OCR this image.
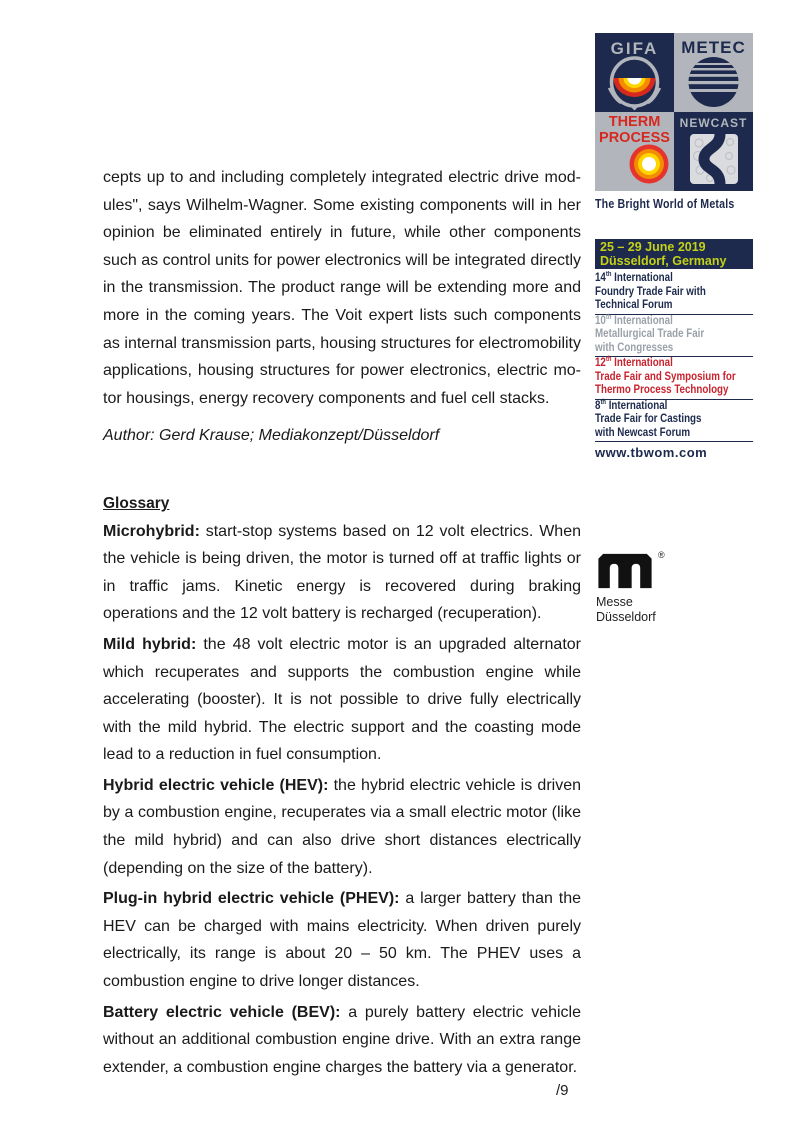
cepts up to and including completely integrated electric drive modules", says Wilhelm-Wagner. Some existing components will in her opinion be eliminated entirely in future, while other components such as control units for power electronics will be integrated directly in the transmission. The product range will be extending more and more in the coming years. The Voit expert lists such components as internal transmission parts, housing structures for electromobility applications, housing structures for power electronics, electric motor housings, energy recovery components and fuel cell stacks.

Author: Gerd Krause; Mediakonzept/Düsseldorf

Glossary

Microhybrid: start-stop systems based on 12 volt electrics. When the vehicle is being driven, the motor is turned off at traffic lights or in traffic jams. Kinetic energy is recovered during braking operations and the 12 volt battery is recharged (recuperation).

Mild hybrid: the 48 volt electric motor is an upgraded alternator which recuperates and supports the combustion engine while accelerating (booster). It is not possible to drive fully electrically with the mild hybrid. The electric support and the coasting mode lead to a reduction in fuel consumption.

Hybrid electric vehicle (HEV): the hybrid electric vehicle is driven by a combustion engine, recuperates via a small electric motor (like the mild hybrid) and can also drive short distances electrically (depending on the size of the battery).

Plug-in hybrid electric vehicle (PHEV): a larger battery than the HEV can be charged with mains electricity. When driven purely electrically, its range is about 20 – 50 km. The PHEV uses a combustion engine to drive longer distances.

Battery electric vehicle (BEV): a purely battery electric vehicle without an additional combustion engine drive. With an extra range extender, a combustion engine charges the battery via a generator.

GIFA	METEC
THERM PROCESS
NEWCAST
The Bright World of Metals
25 – 29 June 2019
Düsseldorf, Germany
14th International
Foundry Trade Fair with
Technical Forum
10th International
Metallurgical Trade Fair
with Congresses
12th International
Trade Fair and Symposium for
Thermo Process Technology
8th International
Trade Fair for Castings
with Newcast Forum
www.tbwom.com
®
Messe
Düsseldorf
/9
